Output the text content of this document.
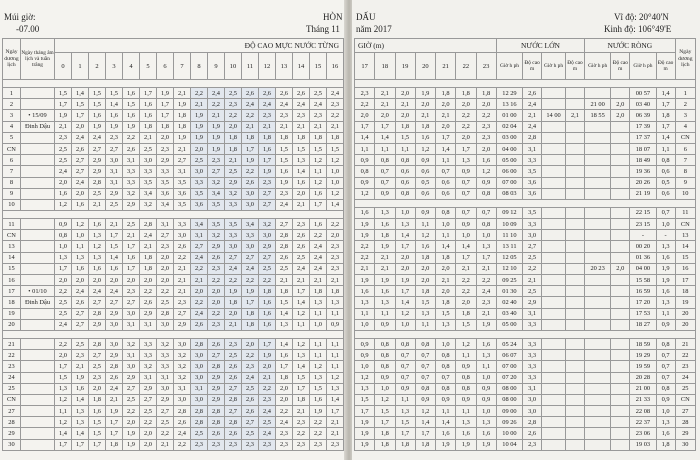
Múi giờ:
-07.00
HÒN
Tháng 11
Ngày dương lịch	Ngày tháng âm lịch và tuần trăng	ĐỘ CAO MỰC NƯỚC TỪNG																
		0	1	2	3	4	5	6	7	8	9	10	11	12	13	14	15	16

1		1,5	1,4	1,5	1,5	1,6	1,7	1,9	2,1	2,2	2,4	2,5	2,6	2,6	2,6	2,6	2,5	2,4
2		1,7	1,5	1,5	1,4	1,5	1,6	1,7	1,9	2,1	2,2	2,3	2,4	2,4	2,4	2,4	2,4	2,3
3	• 15/09	1,9	1,7	1,6	1,6	1,6	1,6	1,7	1,8	1,9	2,1	2,2	2,2	2,3	2,3	2,3	2,3	2,2
4	Đinh Dậu	2,1	2,0	1,9	1,9	1,9	1,8	1,8	1,8	1,9	1,9	2,0	2,1	2,1	2,1	2,1	2,1	2,1
5		2,3	2,4	2,4	2,3	2,2	2,1	2,0	1,9	1,9	1,9	1,8	1,8	1,8	1,8	1,8	1,8	1,8
CN		2,5	2,6	2,7	2,7	2,6	2,5	2,3	2,1	2,0	1,9	1,8	1,7	1,6	1,5	1,5	1,5	1,5
6		2,5	2,7	2,9	3,0	3,1	3,0	2,9	2,7	2,5	2,3	2,1	1,9	1,7	1,5	1,3	1,2	1,2
7		2,4	2,7	2,9	3,1	3,3	3,3	3,3	3,1	3,0	2,7	2,5	2,2	1,9	1,6	1,4	1,1	1,0
8		2,0	2,4	2,8	3,1	3,3	3,5	3,5	3,5	3,3	3,2	2,9	2,6	2,3	1,9	1,6	1,2	1,0
9		1,6	2,0	2,5	2,9	3,2	3,4	3,6	3,6	3,5	3,4	3,2	3,0	2,7	2,3	2,0	1,6	1,2
10		1,2	1,6	2,1	2,5	2,9	3,2	3,4	3,5	3,6	3,5	3,3	3,0	2,7	2,4	2,1	1,7	1,4

11		0,9	1,2	1,6	2,1	2,5	2,8	3,1	3,3	3,4	3,5	3,5	3,4	3,2	2,7	2,3	1,6	2,2
CN		0,8	1,0	1,3	1,7	2,1	2,4	2,7	3,0	3,1	3,2	3,3	3,3	3,0	2,8	2,6	2,2	2,0
13		1,0	1,1	1,2	1,5	1,7	2,1	2,3	2,6	2,7	2,9	3,0	3,0	2,9	2,8	2,6	2,4	2,3
14		1,3	1,3	1,3	1,4	1,6	1,8	2,0	2,2	2,4	2,6	2,7	2,7	2,7	2,6	2,5	2,4	2,3
15		1,7	1,6	1,6	1,6	1,7	1,8	2,0	2,1	2,2	2,3	2,4	2,4	2,5	2,5	2,4	2,4	2,3
16		2,0	2,0	2,0	2,0	2,0	2,0	2,0	2,1	2,1	2,2	2,2	2,2	2,2	2,1	2,1	2,1	2,1
17	• 01/10	2,2	2,4	2,4	2,4	2,3	2,2	2,2	2,1	2,0	2,0	1,9	1,9	1,8	1,8	1,7	1,8	1,8
18	Đinh Dậu	2,5	2,6	2,7	2,7	2,7	2,6	2,5	2,3	2,2	2,0	1,8	1,7	1,6	1,5	1,4	1,3	1,3
19		2,5	2,7	2,8	2,9	3,0	2,9	2,8	2,7	2,4	2,2	2,0	1,8	1,6	1,4	1,2	1,1	1,1
20		2,4	2,7	2,9	3,0	3,1	3,1	3,0	2,9	2,6	2,3	2,1	1,8	1,6	1,3	1,1	1,0	0,9

21		2,2	2,5	2,8	3,0	3,2	3,3	3,2	3,0	2,8	2,6	2,3	2,0	1,7	1,4	1,2	1,1	1,1
22		2,0	2,3	2,7	2,9	3,1	3,3	3,3	3,2	3,0	2,7	2,5	2,2	1,9	1,6	1,3	1,1	1,1
23		1,7	2,1	2,5	2,8	3,0	3,2	3,3	3,2	3,0	2,8	2,6	2,3	2,0	1,7	1,4	1,2	1,1
24		1,5	1,9	2,3	2,6	2,9	3,1	3,1	3,2	3,0	2,9	2,6	2,4	2,1	1,8	1,5	1,3	1,2
25		1,3	1,6	2,0	2,4	2,7	2,9	3,0	3,1	3,1	2,9	2,7	2,5	2,2	2,0	1,7	1,5	1,3
CN		1,2	1,4	1,8	2,1	2,5	2,7	2,9	3,0	3,0	2,9	2,8	2,6	2,3	2,0	1,8	1,6	1,4
27		1,1	1,3	1,6	1,9	2,2	2,5	2,7	2,8	2,8	2,8	2,7	2,6	2,4	2,2	2,1	1,9	1,7
28		1,2	1,3	1,5	1,7	2,0	2,2	2,5	2,6	2,8	2,8	2,8	2,7	2,5	2,4	2,3	2,2	2,1
29		1,4	1,4	1,5	1,7	1,9	2,0	2,2	2,4	2,5	2,6	2,6	2,5	2,4	2,3	2,2	2,2	2,1
30		1,7	1,7	1,7	1,8	1,9	2,0	2,1	2,2	2,3	2,3	2,3	2,3	2,3	2,3	2,3	2,3	2,3
DẤU
năm 2017
Vĩ độ: 20°40'N
Kinh độ: 106°49'E
GIỜ (m)							NƯỚC LỚN				NƯỚC RÒNG				Ngày dương lịch
17	18	19	20	21	22	23	Giờ h ph	Độ cao m	Giờ h ph	Độ cao m	Giờ h ph	Độ cao m	Giờ h ph	Độ cao m	

2,3	2,1	2,0	1,9	1,8	1,8	1,8	12 29	2,6					00 57	1,4	1
2,2	2,1	2,1	2,0	2,0	2,0	2,0	13 16	2,4			21 00	2,0	03 40	1,7	2
2,0	2,0	2,0	2,1	2,1	2,2	2,2	01 00	2,1	14 00	2,1	18 55	2,0	06 39	1,8	3
1,7	1,7	1,8	1,8	2,0	2,2	2,3	02 04	2,4					17 39	1,7	4
1,4	1,4	1,5	1,6	1,7	2,0	2,3	03 00	2,8					17 37	1,4	CN
1,1	1,1	1,1	1,2	1,4	1,7	2,0	04 00	3,1					18 07	1,1	6
0,9	0,8	0,8	0,9	1,1	1,3	1,6	05 00	3,3					18 49	0,8	7
0,8	0,7	0,6	0,6	0,7	0,9	1,2	06 00	3,5					19 36	0,6	8
0,9	0,7	0,6	0,5	0,6	0,7	0,9	07 00	3,6					20 26	0,5	9
1,2	0,9	0,8	0,6	0,6	0,7	0,8	08 03	3,6					21 19	0,6	10

1,6	1,3	1,0	0,9	0,8	0,7	0,7	09 12	3,5					22 15	0,7	11
1,9	1,6	1,3	1,1	1,0	0,9	0,8	10 09	3,3					23 15	1,0	CN
1,9	1,8	1,4	1,2	1,1	1,0	1,0	11 10	3,0					-	-	13
2,2	1,9	1,7	1,6	1,4	1,4	1,3	13 11	2,7					00 20	1,3	14
2,2	2,1	2,0	1,8	1,8	1,7	1,7	12 05	2,5					01 36	1,6	15
2,1	2,1	2,0	2,0	2,0	2,1	2,1	12 10	2,2			20 23	2,0	04 00	1,9	16
1,9	1,9	1,9	2,0	2,1	2,2	2,2	09 25	2,1					15 58	1,9	17
1,6	1,6	1,7	1,8	2,0	2,2	2,4	01 30	2,5					16 59	1,6	18
1,3	1,3	1,4	1,5	1,8	2,0	2,3	02 40	2,9					17 20	1,3	19
1,1	1,1	1,2	1,3	1,5	1,8	2,1	03 40	3,1					17 53	1,1	20
1,0	0,9	1,0	1,1	1,3	1,5	1,9	05 00	3,3					18 27	0,9	20

0,9	0,8	0,8	0,8	1,0	1,2	1,6	05 24	3,3					18 59	0,8	21
0,9	0,8	0,7	0,7	0,8	1,1	1,3	06 07	3,3					19 29	0,7	22
1,0	0,8	0,7	0,7	0,8	0,9	1,1	07 00	3,3					19 59	0,7	23
1,2	0,9	0,7	0,7	0,7	0,8	1,0	07 20	3,3					20 28	0,7	24
1,3	1,0	0,9	0,8	0,8	0,8	0,9	08 00	3,1					21 00	0,8	25
1,5	1,2	1,1	0,9	0,9	0,9	0,9	08 00	3,0					21 33	0,9	CN
1,7	1,5	1,3	1,2	1,1	1,1	1,0	09 00	3,0					22 08	1,0	27
1,9	1,7	1,5	1,4	1,4	1,3	1,3	09 26	2,8					22 37	1,3	28
1,9	1,8	1,7	1,7	1,6	1,6	1,6	10 00	2,6					23 06	1,6	29
1,9	1,8	1,8	1,8	1,9	1,9	1,9	10 04	2,3					19 03	1,8	30
